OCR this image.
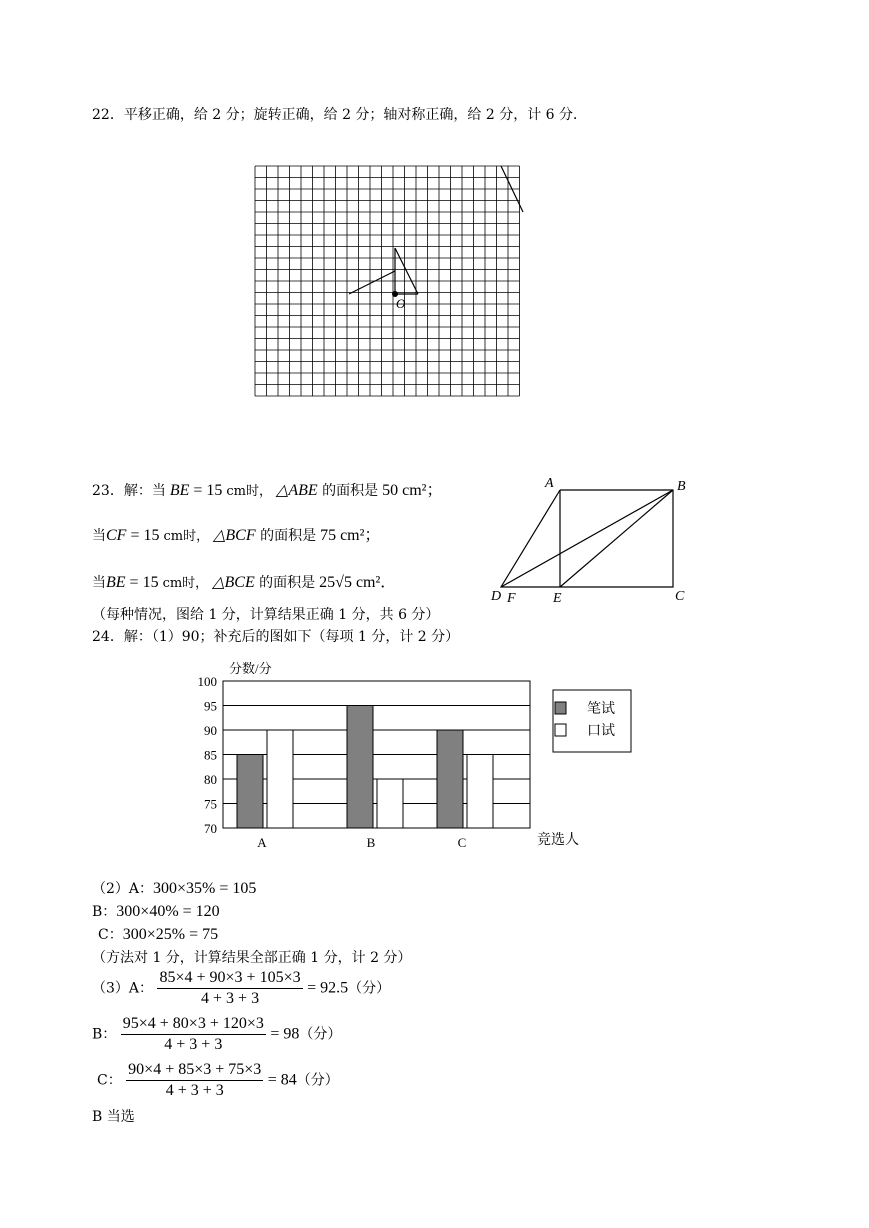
22．平移正确，给 2 分；旋转正确，给 2 分；轴对称正确，给 2 分，计 6 分．
O
23．解：当 BE = 15 cm时， △ABE 的面积是 50 cm²；
当CF = 15 cm时， △BCF 的面积是 75 cm²；
当BE = 15 cm时， △BCE 的面积是 25√5 cm²．
（每种情况，图给 1 分，计算结果正确 1 分，共 6 分）
A	B
C
D F	E
24．解：（1）90；补充后的图如下（每项 1 分，计 2 分）
分数/分
100
95
90
85
80
75
70
A	B	C	竞选人
笔试
口试
（2）A：300×35% = 105
B：300×40% = 120
C：300×25% = 75
（方法对 1 分，计算结果全部正确 1 分，计 2 分）
（3）A： $\frac{85\times 4 + 90\times 3 + 105\times 3}{4 + 3 + 3} = 92.5$（分）
B： $\frac{95\times 4 + 80\times 3 + 120\times 3}{4 + 3 + 3} = 98$（分）
C： $\frac{90\times 4 + 85\times 3 + 75\times 3}{4 + 3 + 3} = 84$（分）
B 当选
